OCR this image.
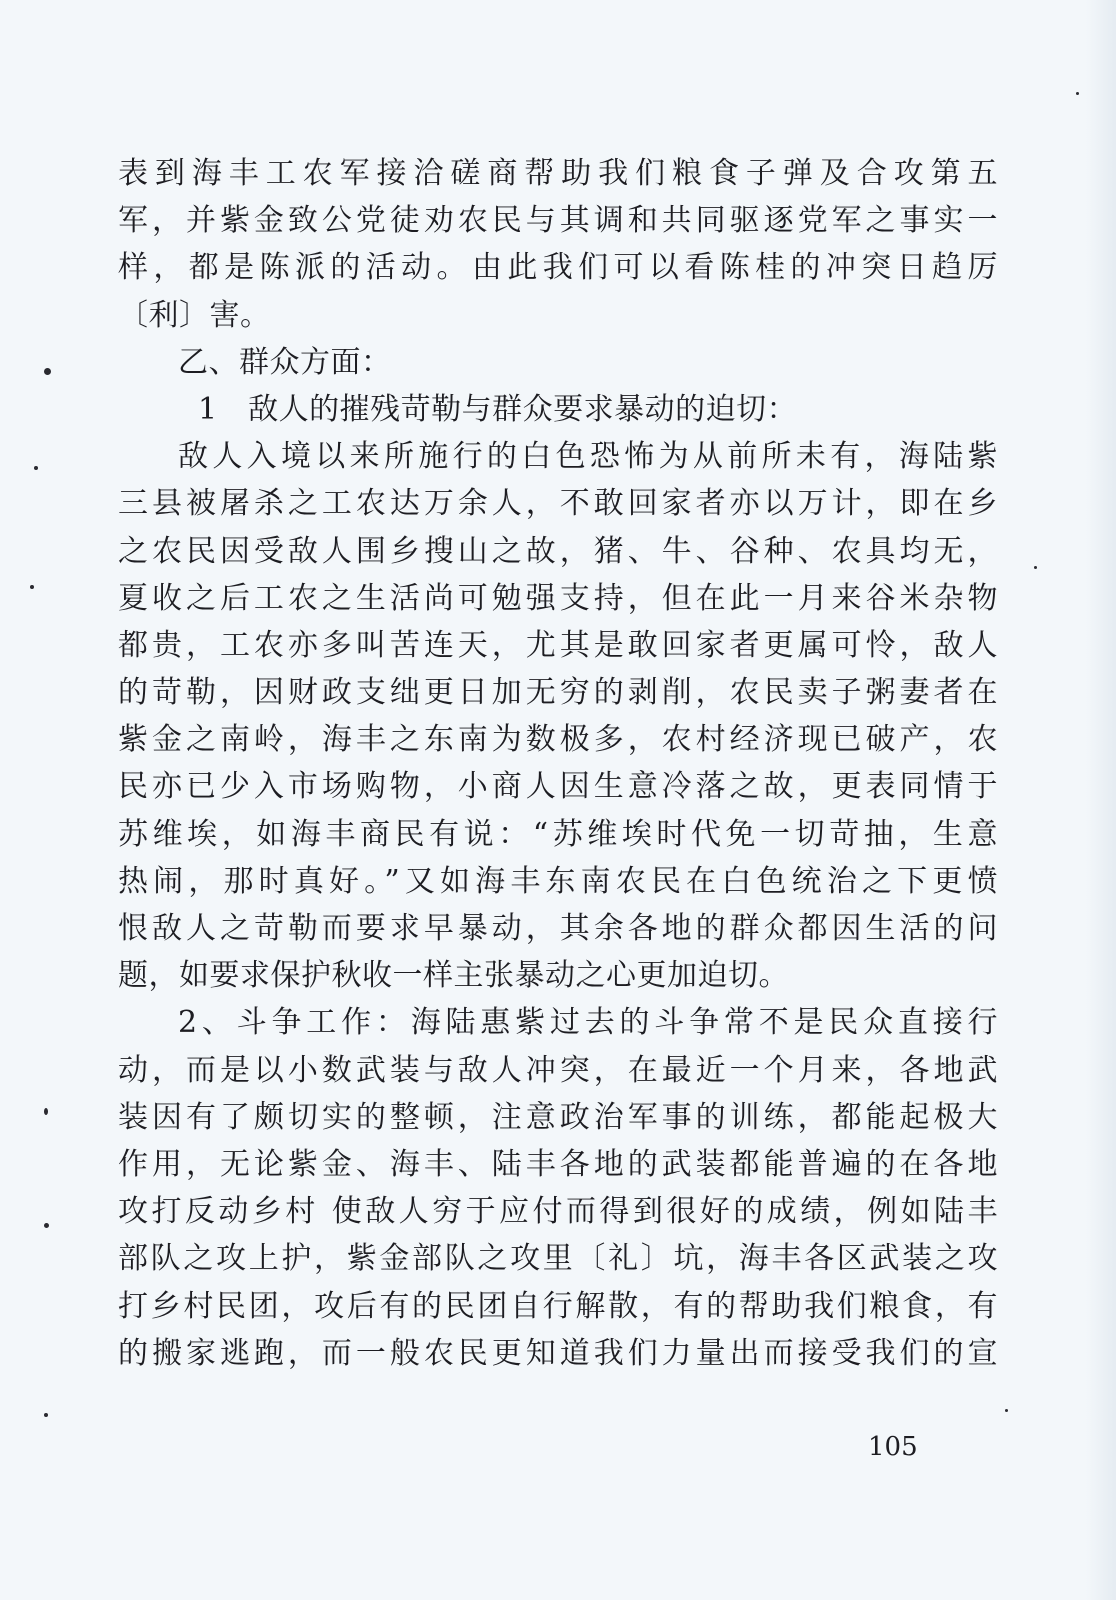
表到海丰工农军接洽磋商帮助我们粮食子弹及合攻第五
军，并紫金致公党徒劝农民与其调和共同驱逐党军之事实一
样，都是陈派的活动。由此我们可以看陈桂的冲突日趋厉
〔利〕害。
乙、群众方面：
1　敌人的摧残苛勒与群众要求暴动的迫切：
敌人入境以来所施行的白色恐怖为从前所未有，海陆紫
三县被屠杀之工农达万余人，不敢回家者亦以万计，即在乡
之农民因受敌人围乡搜山之故，猪、牛、谷种、农具均无，
夏收之后工农之生活尚可勉强支持，但在此一月来谷米杂物
都贵，工农亦多叫苦连天，尤其是敢回家者更属可怜，敌人
的苛勒，因财政支绌更日加无穷的剥削，农民卖子粥妻者在
紫金之南岭，海丰之东南为数极多，农村经济现已破产，农
民亦已少入市场购物，小商人因生意冷落之故，更表同情于
苏维埃，如海丰商民有说：“苏维埃时代免一切苛抽，生意
热闹，那时真好。”又如海丰东南农民在白色统治之下更愤
恨敌人之苛勒而要求早暴动，其余各地的群众都因生活的问
题，如要求保护秋收一样主张暴动之心更加迫切。
2、斗争工作：海陆惠紫过去的斗争常不是民众直接行
动，而是以小数武装与敌人冲突，在最近一个月来，各地武
装因有了颇切实的整顿，注意政治军事的训练，都能起极大
作用，无论紫金、海丰、陆丰各地的武装都能普遍的在各地
攻打反动乡村 使敌人穷于应付而得到很好的成绩，例如陆丰
部队之攻上护，紫金部队之攻里〔礼〕坑，海丰各区武装之攻
打乡村民团，攻后有的民团自行解散，有的帮助我们粮食，有
的搬家逃跑，而一般农民更知道我们力量出而接受我们的宣
105
